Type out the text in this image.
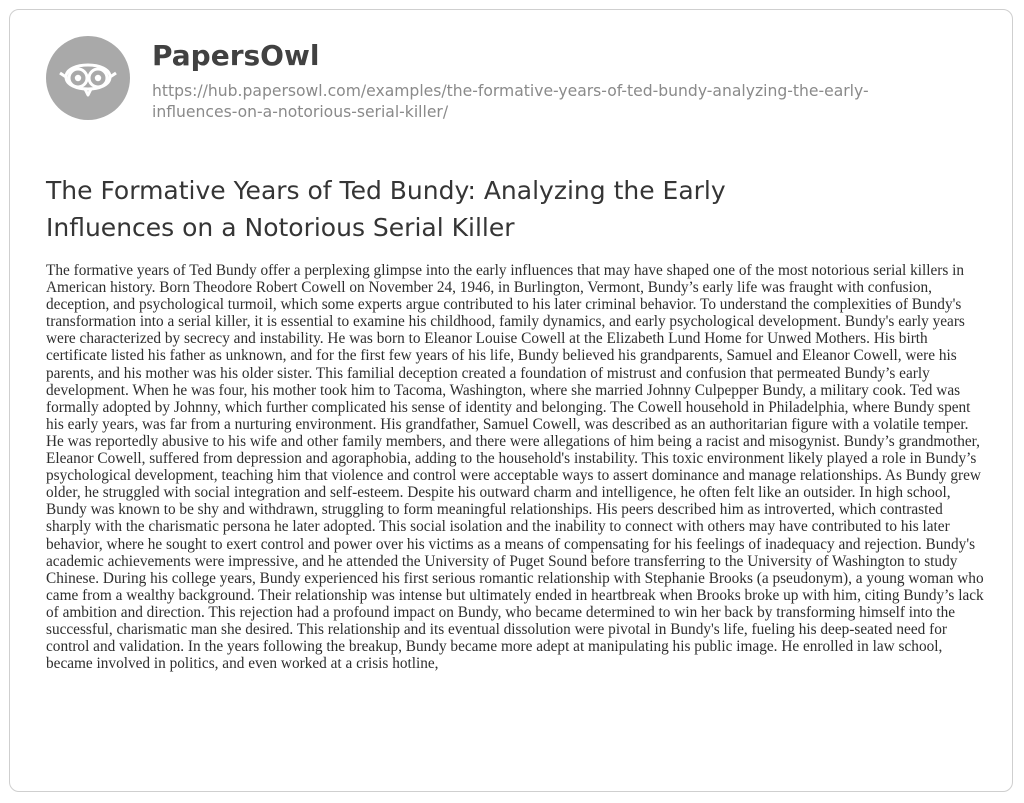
PapersOwl
https://hub.papersowl.com/examples/the-formative-years-of-ted-bundy-analyzing-the-early-
influences-on-a-notorious-serial-killer/
The Formative Years of Ted Bundy: Analyzing the Early Influences on a Notorious Serial Killer

The formative years of Ted Bundy offer a perplexing glimpse into the early influences that may have shaped one of the most notorious serial killers in American history. Born Theodore Robert Cowell on November 24, 1946, in Burlington, Vermont, Bundy’s early life was fraught with confusion, deception, and psychological turmoil, which some experts argue contributed to his later criminal behavior. To understand the complexities of Bundy's transformation into a serial killer, it is essential to examine his childhood, family dynamics, and early psychological development. Bundy's early years were characterized by secrecy and instability. He was born to Eleanor Louise Cowell at the Elizabeth Lund Home for Unwed Mothers. His birth certificate listed his father as unknown, and for the first few years of his life, Bundy believed his grandparents, Samuel and Eleanor Cowell, were his parents, and his mother was his older sister. This familial deception created a foundation of mistrust and confusion that permeated Bundy’s early development. When he was four, his mother took him to Tacoma, Washington, where she married Johnny Culpepper Bundy, a military cook. Ted was formally adopted by Johnny, which further complicated his sense of identity and belonging. The Cowell household in Philadelphia, where Bundy spent his early years, was far from a nurturing environment. His grandfather, Samuel Cowell, was described as an authoritarian figure with a volatile temper. He was reportedly abusive to his wife and other family members, and there were allegations of him being a racist and misogynist. Bundy’s grandmother, Eleanor Cowell, suffered from depression and agoraphobia, adding to the household's instability. This toxic environment likely played a role in Bundy’s psychological development, teaching him that violence and control were acceptable ways to assert dominance and manage relationships. As Bundy grew older, he struggled with social integration and self-esteem. Despite his outward charm and intelligence, he often felt like an outsider. In high school, Bundy was known to be shy and withdrawn, struggling to form meaningful relationships. His peers described him as introverted, which contrasted sharply with the charismatic persona he later adopted. This social isolation and the inability to connect with others may have contributed to his later behavior, where he sought to exert control and power over his victims as a means of compensating for his feelings of inadequacy and rejection. Bundy's academic achievements were impressive, and he attended the University of Puget Sound before transferring to the University of Washington to study Chinese. During his college years, Bundy experienced his first serious romantic relationship with Stephanie Brooks (a pseudonym), a young woman who came from a wealthy background. Their relationship was intense but ultimately ended in heartbreak when Brooks broke up with him, citing Bundy’s lack of ambition and direction. This rejection had a profound impact on Bundy, who became determined to win her back by transforming himself into the successful, charismatic man she desired. This relationship and its eventual dissolution were pivotal in Bundy's life, fueling his deep-seated need for control and validation. In the years following the breakup, Bundy became more adept at manipulating his public image. He enrolled in law school, became involved in politics, and even worked at a crisis hotline,
